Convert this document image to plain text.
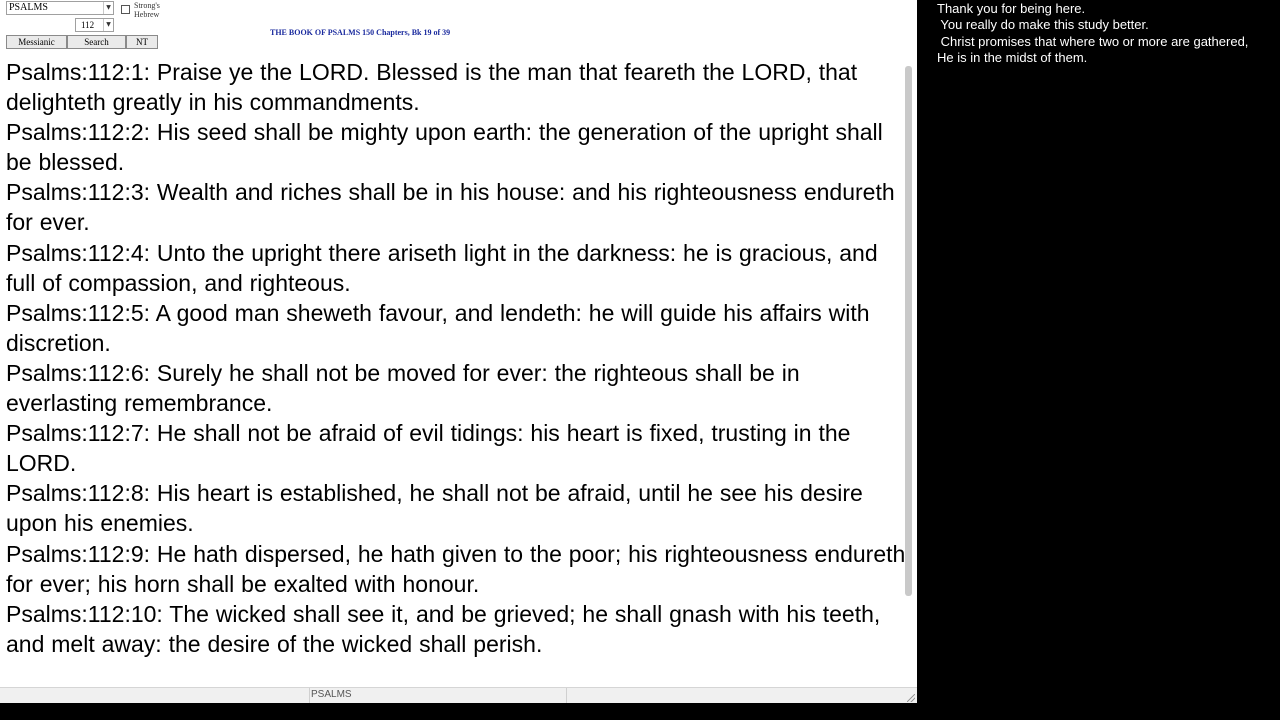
PSALMS	▼
112	▼
Strong's Hebrew
Messianic	Search	NT
THE BOOK OF PSALMS 150 Chapters, Bk 19 of 39

Psalms:112:1: Praise ye the LORD. Blessed is the man that feareth the LORD, that delighteth greatly in his commandments.

Psalms:112:2: His seed shall be mighty upon earth: the generation of the upright shall be blessed.

Psalms:112:3: Wealth and riches shall be in his house: and his righteousness endureth for ever.

Psalms:112:4: Unto the upright there ariseth light in the darkness: he is gracious, and full of compassion, and righteous.

Psalms:112:5: A good man sheweth favour, and lendeth: he will guide his affairs with discretion.

Psalms:112:6: Surely he shall not be moved for ever: the righteous shall be in everlasting remembrance.

Psalms:112:7: He shall not be afraid of evil tidings: his heart is fixed, trusting in the LORD.

Psalms:112:8: His heart is established, he shall not be afraid, until he see his desire upon his enemies.

Psalms:112:9: He hath dispersed, he hath given to the poor; his righteousness endureth for ever; his horn shall be exalted with honour.

Psalms:112:10: The wicked shall see it, and be grieved; he shall gnash with his teeth, and melt away: the desire of the wicked shall perish.

PSALMS

Thank you for being here.

You really do make this study better.

Christ promises that where two or more are gathered,

He is in the midst of them.
